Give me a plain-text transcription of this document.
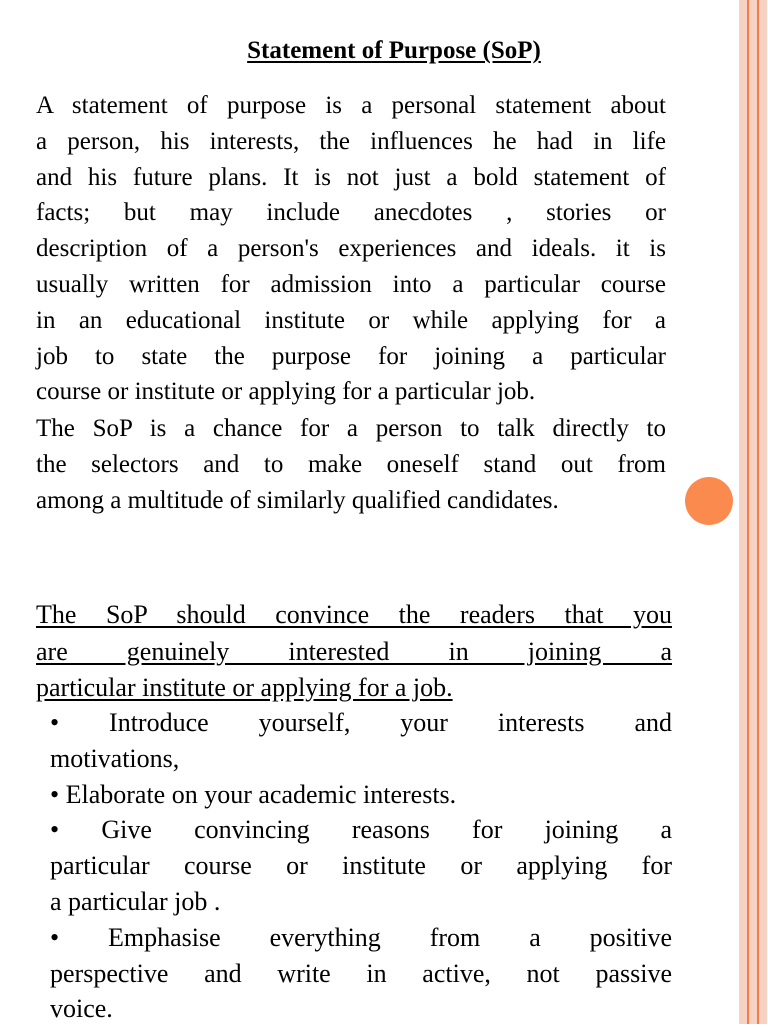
Statement of Purpose (SoP)

A statement of purpose is a personal statement about
a person, his interests, the influences he had in life
and his future plans. It is not just a bold statement of
facts; but may include anecdotes , stories or
description of a person's experiences and ideals. it is
usually written for admission into a particular course
in an educational institute or while applying for a
job to state the purpose for joining a particular
course or institute or applying for a particular job.

The SoP is a chance for a person to talk directly to
the selectors and to make oneself stand out from
among a multitude of similarly qualified candidates.

The SoP should convince the readers that you
are genuinely interested in joining a
particular institute or applying for a job.

• Introduce yourself, your interests and
motivations,
• Elaborate on your academic interests.
• Give convincing reasons for joining a
particular course or institute or applying for
a particular job .
• Emphasise everything from a positive
perspective and write in active, not passive
voice.
